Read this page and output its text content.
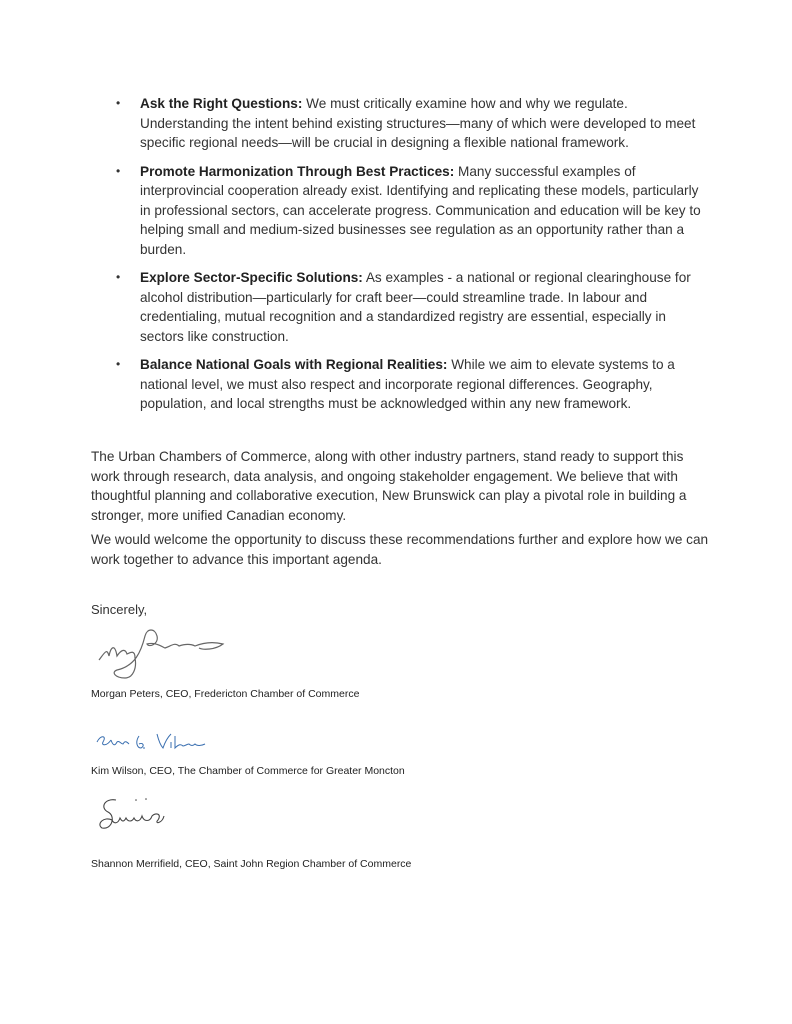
• Ask the Right Questions: We must critically examine how and why we regulate. Understanding the intent behind existing structures—many of which were developed to meet specific regional needs—will be crucial in designing a flexible national framework.
• Promote Harmonization Through Best Practices: Many successful examples of interprovincial cooperation already exist. Identifying and replicating these models, particularly in professional sectors, can accelerate progress. Communication and education will be key to helping small and medium-sized businesses see regulation as an opportunity rather than a burden.
• Explore Sector-Specific Solutions: As examples - a national or regional clearinghouse for alcohol distribution—particularly for craft beer—could streamline trade. In labour and credentialing, mutual recognition and a standardized registry are essential, especially in sectors like construction.
• Balance National Goals with Regional Realities: While we aim to elevate systems to a national level, we must also respect and incorporate regional differences. Geography, population, and local strengths must be acknowledged within any new framework.

The Urban Chambers of Commerce, along with other industry partners, stand ready to support this work through research, data analysis, and ongoing stakeholder engagement. We believe that with thoughtful planning and collaborative execution, New Brunswick can play a pivotal role in building a stronger, more unified Canadian economy.

We would welcome the opportunity to discuss these recommendations further and explore how we can work together to advance this important agenda.

Sincerely,
Morgan Peters, CEO, Fredericton Chamber of Commerce
Kim Wilson, CEO, The Chamber of Commerce for Greater Moncton
Shannon Merrifield, CEO, Saint John Region Chamber of Commerce
